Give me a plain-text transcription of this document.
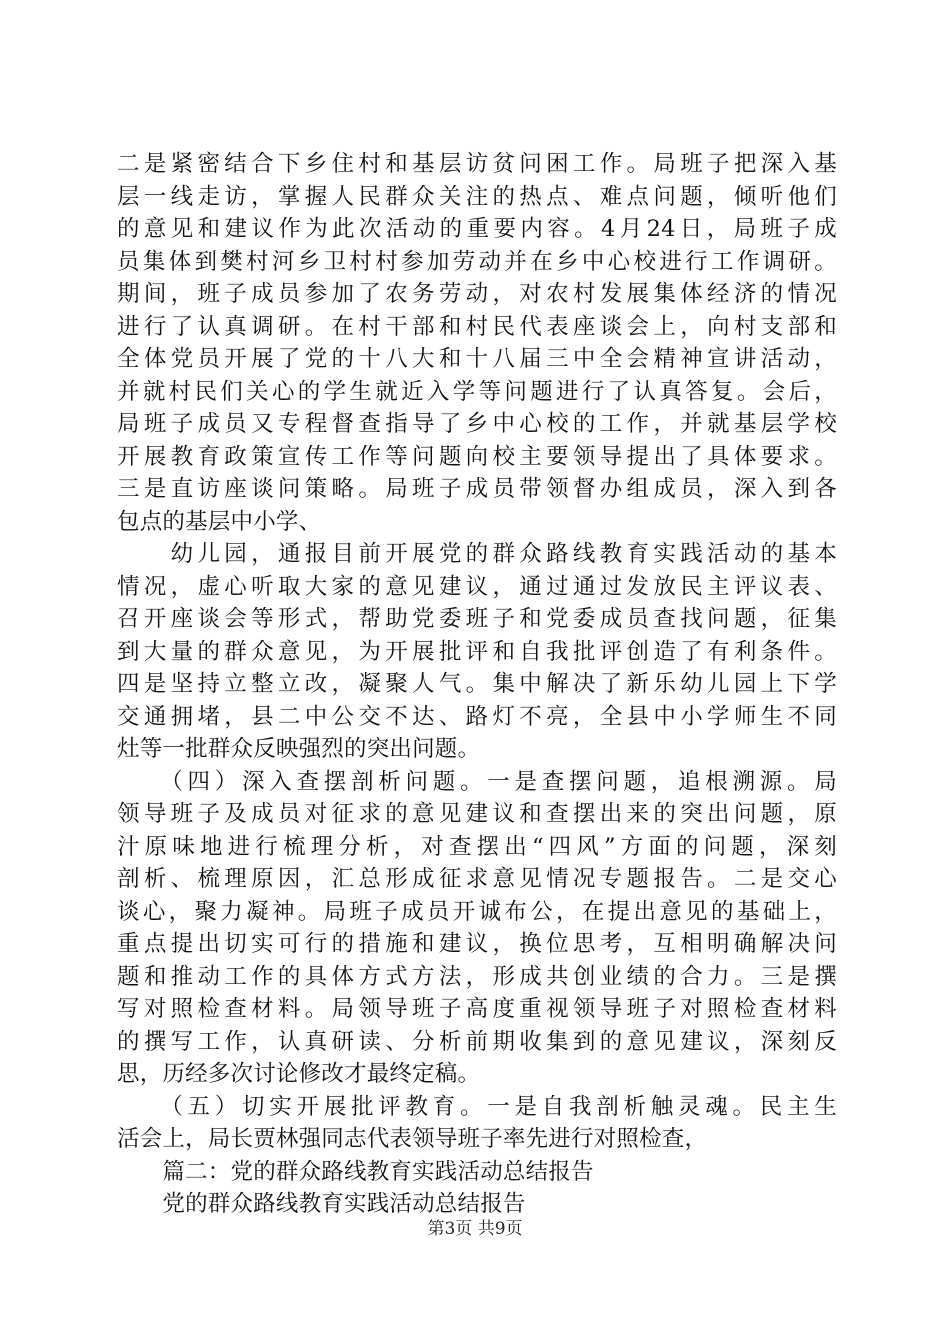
二是紧密结合下乡住村和基层访贫问困工作。局班子把深入基
层一线走访，掌握人民群众关注的热点、难点问题，倾听他们
的意见和建议作为此次活动的重要内容。4月24日，局班子成
员集体到樊村河乡卫村村参加劳动并在乡中心校进行工作调研。
期间，班子成员参加了农务劳动，对农村发展集体经济的情况
进行了认真调研。在村干部和村民代表座谈会上，向村支部和
全体党员开展了党的十八大和十八届三中全会精神宣讲活动，
并就村民们关心的学生就近入学等问题进行了认真答复。会后，
局班子成员又专程督查指导了乡中心校的工作，并就基层学校
开展教育政策宣传工作等问题向校主要领导提出了具体要求。
三是直访座谈问策略。局班子成员带领督办组成员，深入到各
包点的基层中小学、
　　幼儿园，通报目前开展党的群众路线教育实践活动的基本
情况，虚心听取大家的意见建议，通过通过发放民主评议表、
召开座谈会等形式，帮助党委班子和党委成员查找问题，征集
到大量的群众意见，为开展批评和自我批评创造了有利条件。
四是坚持立整立改，凝聚人气。集中解决了新乐幼儿园上下学
交通拥堵，县二中公交不达、路灯不亮，全县中小学师生不同
灶等一批群众反映强烈的突出问题。
　　（四）深入查摆剖析问题。一是查摆问题，追根溯源。局
领导班子及成员对征求的意见建议和查摆出来的突出问题，原
汁原味地进行梳理分析，对查摆出“四风”方面的问题，深刻
剖析、梳理原因，汇总形成征求意见情况专题报告。二是交心
谈心，聚力凝神。局班子成员开诚布公，在提出意见的基础上，
重点提出切实可行的措施和建议，换位思考，互相明确解决问
题和推动工作的具体方式方法，形成共创业绩的合力。三是撰
写对照检查材料。局领导班子高度重视领导班子对照检查材料
的撰写工作，认真研读、分析前期收集到的意见建议，深刻反
思，历经多次讨论修改才最终定稿。
　　（五）切实开展批评教育。一是自我剖析触灵魂。民主生
活会上，局长贾林强同志代表领导班子率先进行对照检查，
　　篇二：党的群众路线教育实践活动总结报告
　　党的群众路线教育实践活动总结报告
第3页 共9页
